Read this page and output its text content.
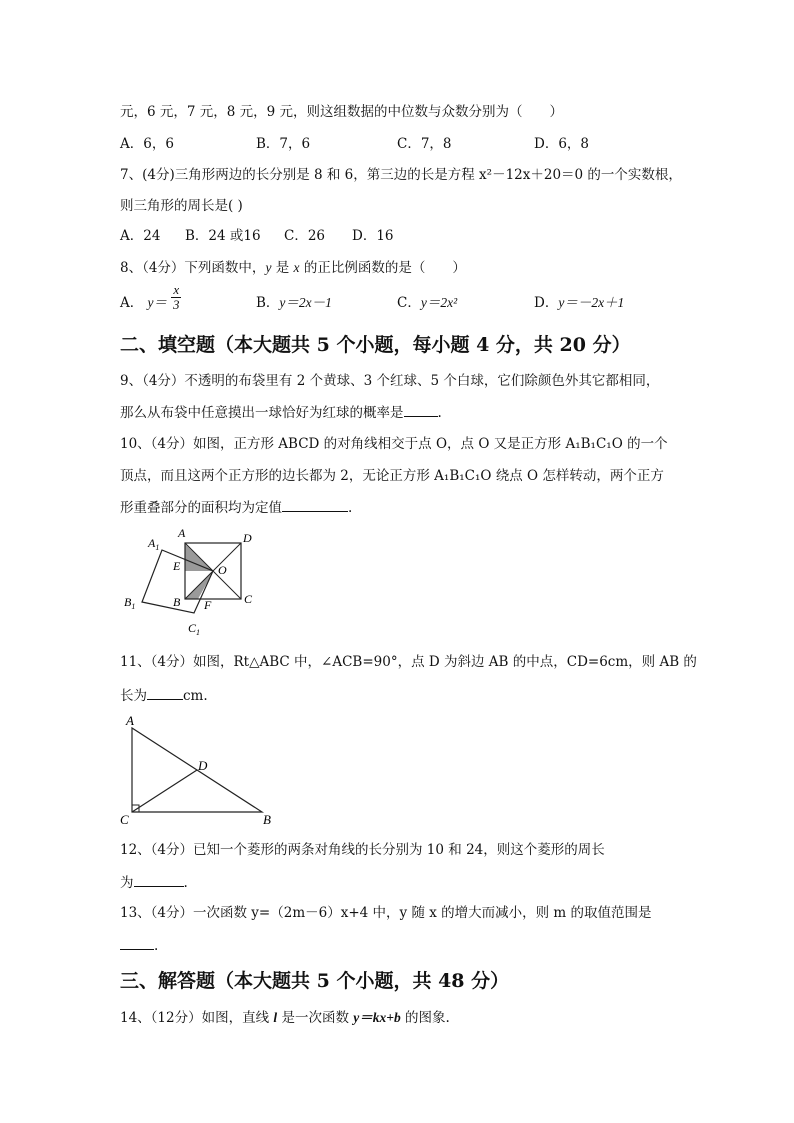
元，6 元，7 元，8 元，9 元，则这组数据的中位数与众数分别为（　　）
A．6，6	B．7，6	C．7，8	D．6，8
7、(4分)三角形两边的长分别是 8 和 6，第三边的长是方程 x²－12x＋20＝0 的一个实数根，
则三角形的周长是( )
A．24 B．24 或16 C．26 D．16
8、（4分）下列函数中，y 是 x 的正比例函数的是（　　）
A． $y= \frac{x}{3}$	B．y＝2x－1	C．y＝2x²	D．y＝－2x＋1
二、填空题（本大题共 5 个小题，每小题 4 分，共 20 分）
9、（4分）不透明的布袋里有 2 个黄球、3 个红球、5 个白球，它们除颜色外其它都相同，
那么从布袋中任意摸出一球恰好为红球的概率是	.
10、（4分）如图，正方形 ABCD 的对角线相交于点 O，点 O 又是正方形 A₁B₁C₁O 的一个
顶点，而且这两个正方形的边长都为 2，无论正方形 A₁B₁C₁O 绕点 O 怎样转动，两个正方
形重叠部分的面积均为定值	.
$A_1$
A	D
E	O
$B_1$	B F	C
$C_1$
11、（4分）如图，Rt△ABC 中，∠ACB=90°，点 D 为斜边 AB 的中点，CD=6cm，则 AB 的
长为	cm.
A
D
C	B
12、（4分）已知一个菱形的两条对角线的长分别为 10 和 24，则这个菱形的周长
为	.
13、（4分）一次函数 y=（2m－6）x+4 中，y 随 x 的增大而减小，则 m 的取值范围是
.
三、解答题（本大题共 5 个小题，共 48 分）
14、（12分）如图，直线 l 是一次函数 y＝kx+b 的图象.
